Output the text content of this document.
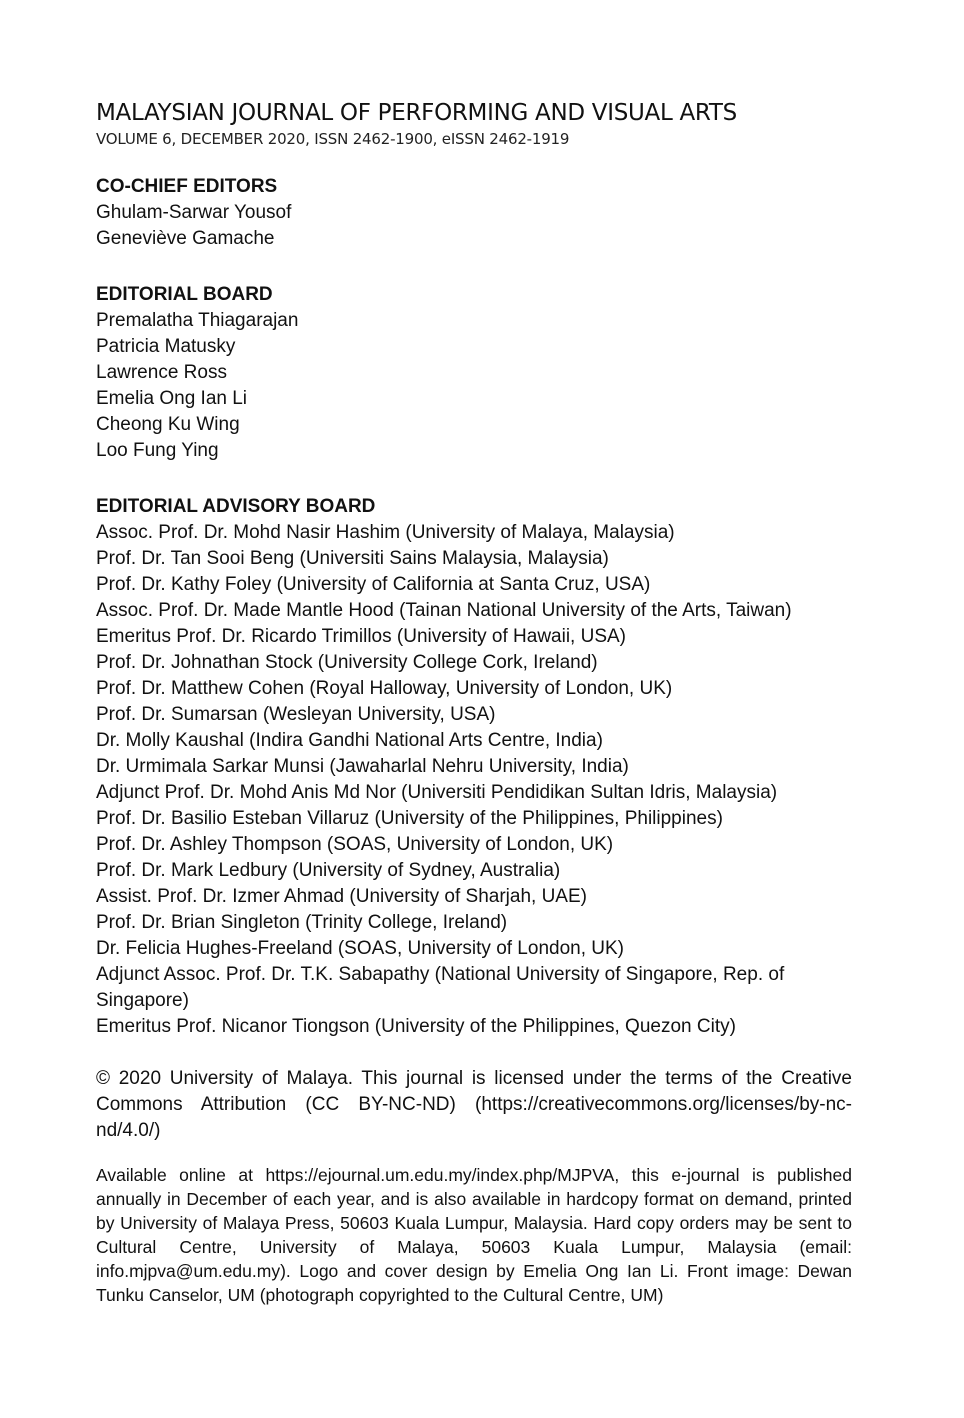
MALAYSIAN JOURNAL OF PERFORMING AND VISUAL ARTS

VOLUME 6, DECEMBER 2020, ISSN 2462-1900, eISSN 2462-1919

CO-CHIEF EDITORS
Ghulam-Sarwar Yousof
Geneviève Gamache
EDITORIAL BOARD
Premalatha Thiagarajan
Patricia Matusky
Lawrence Ross
Emelia Ong Ian Li
Cheong Ku Wing
Loo Fung Ying
EDITORIAL ADVISORY BOARD
Assoc. Prof. Dr. Mohd Nasir Hashim (University of Malaya, Malaysia)
Prof. Dr. Tan Sooi Beng (Universiti Sains Malaysia, Malaysia)
Prof. Dr. Kathy Foley (University of California at Santa Cruz, USA)
Assoc. Prof. Dr. Made Mantle Hood (Tainan National University of the Arts, Taiwan)
Emeritus Prof. Dr. Ricardo Trimillos (University of Hawaii, USA)
Prof. Dr. Johnathan Stock (University College Cork, Ireland)
Prof. Dr. Matthew Cohen (Royal Halloway, University of London, UK)
Prof. Dr. Sumarsan (Wesleyan University, USA)
Dr. Molly Kaushal (Indira Gandhi National Arts Centre, India)
Dr. Urmimala Sarkar Munsi (Jawaharlal Nehru University, India)
Adjunct Prof. Dr. Mohd Anis Md Nor (Universiti Pendidikan Sultan Idris, Malaysia)
Prof. Dr. Basilio Esteban Villaruz (University of the Philippines, Philippines)
Prof. Dr. Ashley Thompson (SOAS, University of London, UK)
Prof. Dr. Mark Ledbury (University of Sydney, Australia)
Assist. Prof. Dr. Izmer Ahmad (University of Sharjah, UAE)
Prof. Dr. Brian Singleton (Trinity College, Ireland)
Dr. Felicia Hughes-Freeland (SOAS, University of London, UK)
Adjunct Assoc. Prof. Dr. T.K. Sabapathy (National University of Singapore, Rep. of Singapore)
Emeritus Prof. Nicanor Tiongson (University of the Philippines, Quezon City)

© 2020 University of Malaya. This journal is licensed under the terms of the Creative Commons Attribution (CC BY-NC-ND) (https://creativecommons.org/licenses/by-nc-nd/4.0/)

Available online at https://ejournal.um.edu.my/index.php/MJPVA, this e-journal is published annually in December of each year, and is also available in hardcopy format on demand, printed by University of Malaya Press, 50603 Kuala Lumpur, Malaysia. Hard copy orders may be sent to Cultural Centre, University of Malaya, 50603 Kuala Lumpur, Malaysia (email: info.mjpva@um.edu.my). Logo and cover design by Emelia Ong Ian Li. Front image: Dewan Tunku Canselor, UM (photograph copyrighted to the Cultural Centre, UM)
